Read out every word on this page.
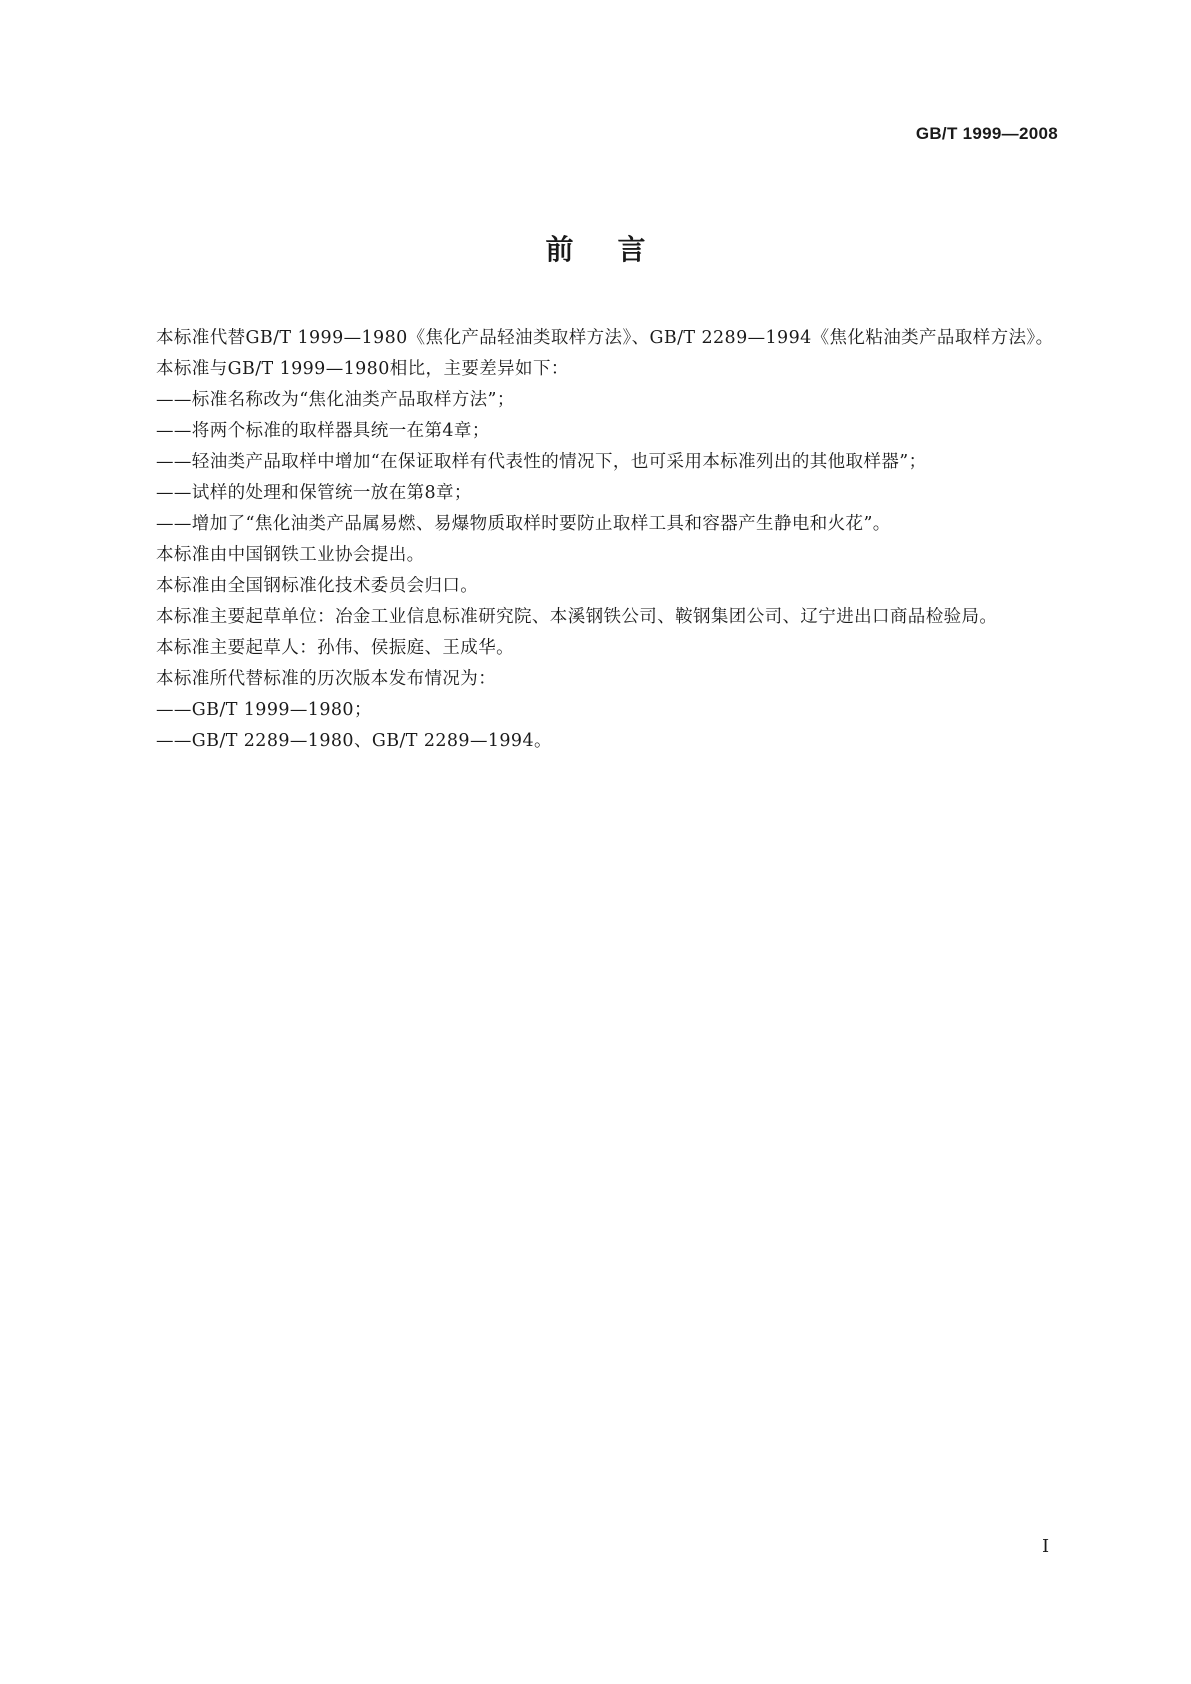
GB/T 1999—2008
前言

本标准代替GB/T 1999—1980《焦化产品轻油类取样方法》、GB/T 2289—1994《焦化粘油类产品取样方法》。

本标准与GB/T 1999—1980相比，主要差异如下：

——标准名称改为“焦化油类产品取样方法”；

——将两个标准的取样器具统一在第4章；

——轻油类产品取样中增加“在保证取样有代表性的情况下，也可采用本标准列出的其他取样器”；

——试样的处理和保管统一放在第8章；

——增加了“焦化油类产品属易燃、易爆物质取样时要防止取样工具和容器产生静电和火花”。

本标准由中国钢铁工业协会提出。

本标准由全国钢标准化技术委员会归口。

本标准主要起草单位：冶金工业信息标准研究院、本溪钢铁公司、鞍钢集团公司、辽宁进出口商品检验局。

本标准主要起草人：孙伟、侯振庭、王成华。

本标准所代替标准的历次版本发布情况为：

——GB/T 1999—1980；

——GB/T 2289—1980、GB/T 2289—1994。

I
